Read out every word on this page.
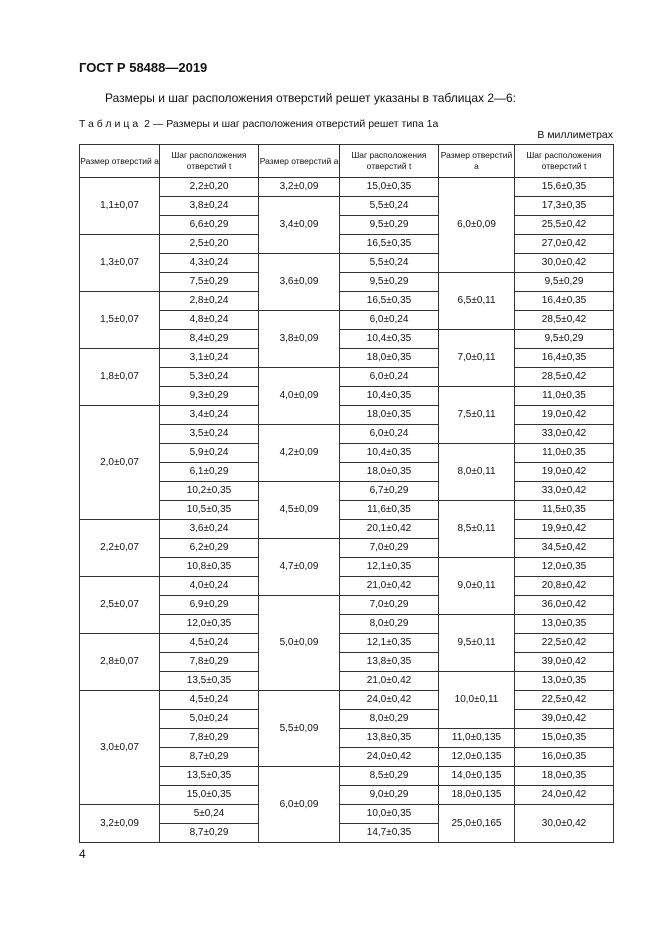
ГОСТ Р 58488—2019
Размеры и шаг расположения отверстий решет указаны в таблицах 2—6:
Таблица 2 — Размеры и шаг расположения отверстий решет типа 1а
В миллиметрах
Размер отверстий а	Шаг расположения отверстий t	Размер отверстий а	Шаг расположения отверстий t	Размер отверстий а	Шаг расположения отверстий t
1,1±0,07	2,2±0,20	3,2±0,09	15,0±0,35	6,0±0,09	15,6±0,35
	3,8±0,24	3,4±0,09	5,5±0,24		17,3±0,35
	6,6±0,29		9,5±0,29		25,5±0,42
1,3±0,07	2,5±0,20		16,5±0,35		27,0±0,42
	4,3±0,24	3,6±0,09	5,5±0,24		30,0±0,42
	7,5±0,29		9,5±0,29	6,5±0,11	9,5±0,29
1,5±0,07	2,8±0,24		16,5±0,35		16,4±0,35
	4,8±0,24	3,8±0,09	6,0±0,24		28,5±0,42
	8,4±0,29		10,4±0,35	7,0±0,11	9,5±0,29
1,8±0,07	3,1±0,24		18,0±0,35		16,4±0,35
	5,3±0,24	4,0±0,09	6,0±0,24		28,5±0,42
	9,3±0,29		10,4±0,35	7,5±0,11	11,0±0,35
2,0±0,07	3,4±0,24		18,0±0,35		19,0±0,42
	3,5±0,24	4,2±0,09	6,0±0,24		33,0±0,42
	5,9±0,24		10,4±0,35	8,0±0,11	11,0±0,35
	6,1±0,29		18,0±0,35		19,0±0,42
	10,2±0,35	4,5±0,09	6,7±0,29		33,0±0,42
	10,5±0,35		11,6±0,35	8,5±0,11	11,5±0,35
2,2±0,07	3,6±0,24		20,1±0,42		19,9±0,42
	6,2±0,29	4,7±0,09	7,0±0,29		34,5±0,42
	10,8±0,35		12,1±0,35	9,0±0,11	12,0±0,35
2,5±0,07	4,0±0,24		21,0±0,42		20,8±0,42
	6,9±0,29	5,0±0,09	7,0±0,29		36,0±0,42
	12,0±0,35		8,0±0,29	9,5±0,11	13,0±0,35
2,8±0,07	4,5±0,24		12,1±0,35		22,5±0,42
	7,8±0,29		13,8±0,35		39,0±0,42
	13,5±0,35		21,0±0,42	10,0±0,11	13,0±0,35
3,0±0,07	4,5±0,24	5,5±0,09	24,0±0,42		22,5±0,42
	5,0±0,24		8,0±0,29		39,0±0,42
	7,8±0,29		13,8±0,35	11,0±0,135	15,0±0,35
	8,7±0,29		24,0±0,42	12,0±0,135	16,0±0,35
	13,5±0,35	6,0±0,09	8,5±0,29	14,0±0,135	18,0±0,35
	15,0±0,35		9,0±0,29	18,0±0,135	24,0±0,42
3,2±0,09	5±0,24		10,0±0,35	25,0±0,165	30,0±0,42
	8,7±0,29		14,7±0,35		
4
